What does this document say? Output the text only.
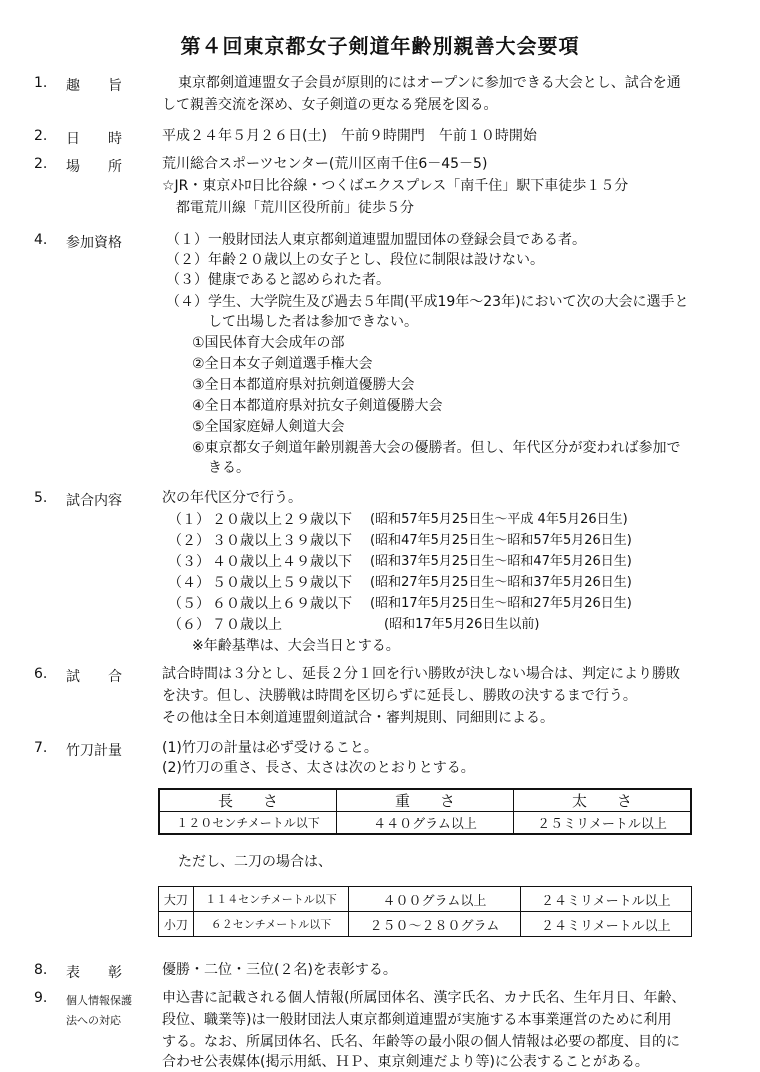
第４回東京都女子剣道年齢別親善大会要項
1. 趣　　旨	東京都剣道連盟女子会員が原則的にはオープンに参加できる大会とし、試合を通
して親善交流を深め、女子剣道の更なる発展を図る。
2. 日　　時	平成２４年５月２６日(土)　午前９時開門　午前１０時開始
2. 場　　所	荒川総合スポーツセンター(荒川区南千住6－45－5)
☆JR・東京ﾒﾄﾛ日比谷線・つくばエクスプレス「南千住」駅下車徒歩１５分
都電荒川線「荒川区役所前」徒歩５分
4. 参加資格	（１）一般財団法人東京都剣道連盟加盟団体の登録会員である者。
（２）年齢２０歳以上の女子とし、段位に制限は設けない。
（３）健康であると認められた者。
（４）学生、大学院生及び過去５年間(平成19年～23年)において次の大会に選手と
して出場した者は参加できない。
①国民体育大会成年の部
②全日本女子剣道選手権大会
③全日本都道府県対抗剣道優勝大会
④全日本都道府県対抗女子剣道優勝大会
⑤全国家庭婦人剣道大会
⑥東京都女子剣道年齢別親善大会の優勝者。但し、年代区分が変われば参加で
きる。
5. 試合内容	次の年代区分で行う。
（１） ２０歳以上２９歳以下 (昭和57年5月25日生～平成 4年5月26日生)
（２） ３０歳以上３９歳以下 (昭和47年5月25日生～昭和57年5月26日生)
（３） ４０歳以上４９歳以下 (昭和37年5月25日生～昭和47年5月26日生)
（４） ５０歳以上５９歳以下 (昭和27年5月25日生～昭和37年5月26日生)
（５） ６０歳以上６９歳以下 (昭和17年5月25日生～昭和27年5月26日生)
（６） ７０歳以上	(昭和17年5月26日生以前)
※年齢基準は、大会当日とする。
6. 試　　合	試合時間は３分とし、延長２分１回を行い勝敗が決しない場合は、判定により勝敗
を決す。但し、決勝戦は時間を区切らずに延長し、勝敗の決するまで行う。
その他は全日本剣道連盟剣道試合・審判規則、同細則による。
7. 竹刀計量	(1)竹刀の計量は必ず受けること。
(2)竹刀の重さ、長さ、太さは次のとおりとする。
長　　さ	重　　さ	太　　さ
１２０センチメートル以下	４４０グラム以上	２５ミリメートル以上
ただし、二刀の場合は、
大刀	１１４センチメートル以下	４００グラム以上	２４ミリメートル以上
小刀	６２センチメートル以下	２５０～２８０グラム	２４ミリメートル以上
8. 表　　彰	優勝・二位・三位(２名)を表彰する。
9. 個人情報保護
法への対応
申込書に記載される個人情報(所属団体名、漢字氏名、カナ氏名、生年月日、年齢、
段位、職業等)は一般財団法人東京都剣道連盟が実施する本事業運営のために利用
する。なお、所属団体名、氏名、年齢等の最小限の個人情報は必要の都度、目的に
合わせ公表媒体(掲示用紙、ＨＰ、東京剣連だより等)に公表することがある。
